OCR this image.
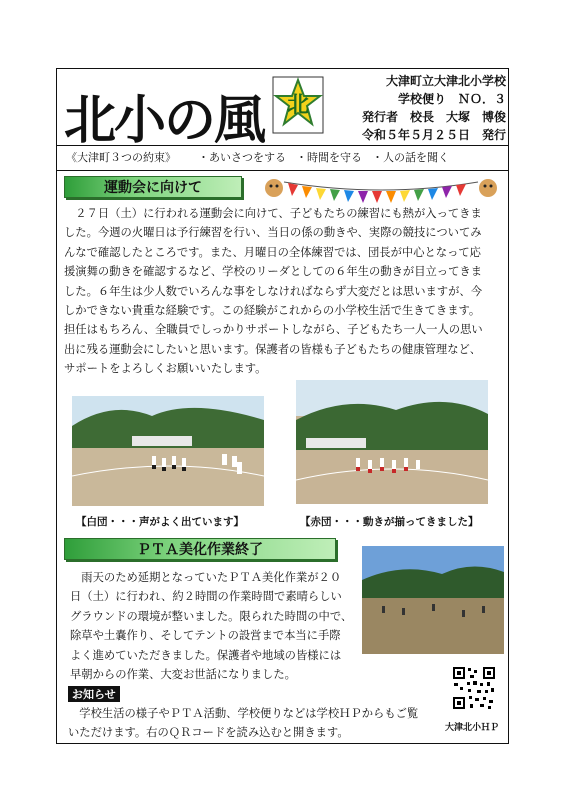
北小の風 北
大津町立大津北小学校
学校便り　ＮＯ．３
発行者　校長　大塚　博俊
令和５年５月２５日　発行
《大津町３つの約束》 ・あいさつをする ・時間を守る ・人の話を聞く
運動会に向けて
　２７日（土）に行われる運動会に向けて、子どもたちの練習にも熱が入ってきま
した。今週の火曜日は予行練習を行い、当日の係の動きや、実際の競技についてみ
んなで確認したところです。また、月曜日の全体練習では、団長が中心となって応
援演舞の動きを確認するなど、学校のリーダとしての６年生の動きが目立ってきま
した。６年生は少人数でいろんな事をしなければならず大変だとは思いますが、今
しかできない貴重な経験です。この経験がこれからの小学校生活で生きてきます。
担任はもちろん、全職員でしっかりサポートしながら、子どもたち一人一人の思い
出に残る運動会にしたいと思います。保護者の皆様も子どもたちの健康管理など、
サポートをよろしくお願いいたします。
【白団・・・声がよく出ています】	【赤団・・・動きが揃ってきました】
ＰＴＡ美化作業終了
　雨天のため延期となっていたＰＴＡ美化作業が２０
日（土）に行われ、約２時間の作業時間で素晴らしい
グラウンドの環境が整いました。限られた時間の中で、
除草や土嚢作り、そしてテントの設営まで本当に手際
よく進めていただきました。保護者や地域の皆様には
早朝からの作業、大変お世話になりました。
お知らせ
　学校生活の様子やＰＴＡ活動、学校便りなどは学校ＨＰからもご覧
いただけます。右のＱＲコードを読み込むと開きます。	大津北小ＨＰ
